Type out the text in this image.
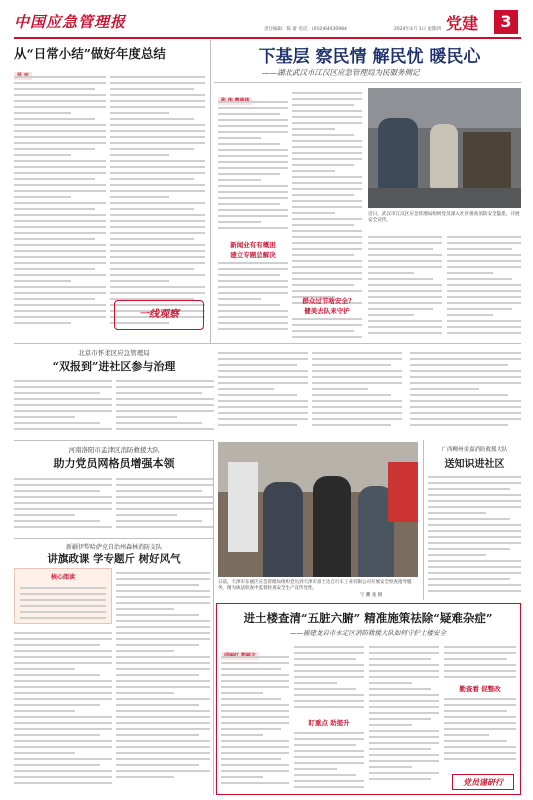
中国应急管理报	责任编辑：陈 蕾 电话：(010)64430984	2024年4月 1日 星期四 党建	3
从“日常小结”做好年度总结	下基层 察民情 解民忧 暖民心
——湖北武汉市江汉区应急管理局为民服务侧记
近日，武汉市江汉区应急管理局组织党员深入社区排查消防安全隐患，开展安全宣传。
新闻业有有概困
建立专题总解决
群众过节啥安全?
健美去队来守护
一线观察
北京市怀柔区应急管理局
“双报到”进社区参与治理
河南洛阳市孟津区消防救援大队
助力党员网格员增强本领
新疆伊犁哈萨克自治州森林消防支队
讲旗政课 学专题斤 树好风气
核心阅读
日前，天津市东丽区应急管理局组织党员到天津市富士达自行车工业有限公司开展安全检查指导服务，图为执法检查中监督检查安全生产宣传党性。
宁 鹏 张 摄
广西柳州金嘉消防救援大队
送知识进社区
进土楼查清“五脏六腑” 精准施策祛除“疑难杂症”
——福建龙岩市永定区消防救援大队如何守护土楼安全
盯重点 助提升
勤查看 促整改
党员谨研行
